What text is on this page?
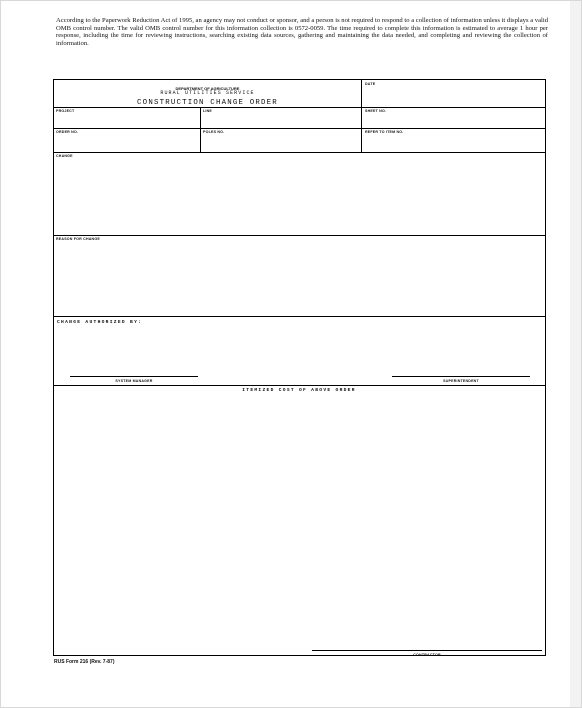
According to the Paperwork Reduction Act of 1995, an agency may not conduct or sponsor, and a person is not required to respond to a collection of information unless it displays a valid OMB control number. The valid OMB control number for this information collection is 0572-0059. The time required to complete this information is estimated to average 1 hour per response, including the time for reviewing instructions, searching existing data sources, gathering and maintaining the data needed, and completing and reviewing the collection of information.

DEPARTMENT OF AGRICULTURE
RURAL UTILITIES SERVICE
CONSTRUCTION CHANGE ORDER
DATE
PROJECT	LINE	SHEET NO.
ORDER NO.	POLES NO.	REFER TO ITEM NO.
CHANGE
REASON FOR CHANGE
CHANGE AUTHORIZED BY:
SYSTEM MANAGER	SUPERINTENDENT
ITEMIZED COST OF ABOVE ORDER
CONTRACTOR
RUS Form 216 (Rev. 7-87)
